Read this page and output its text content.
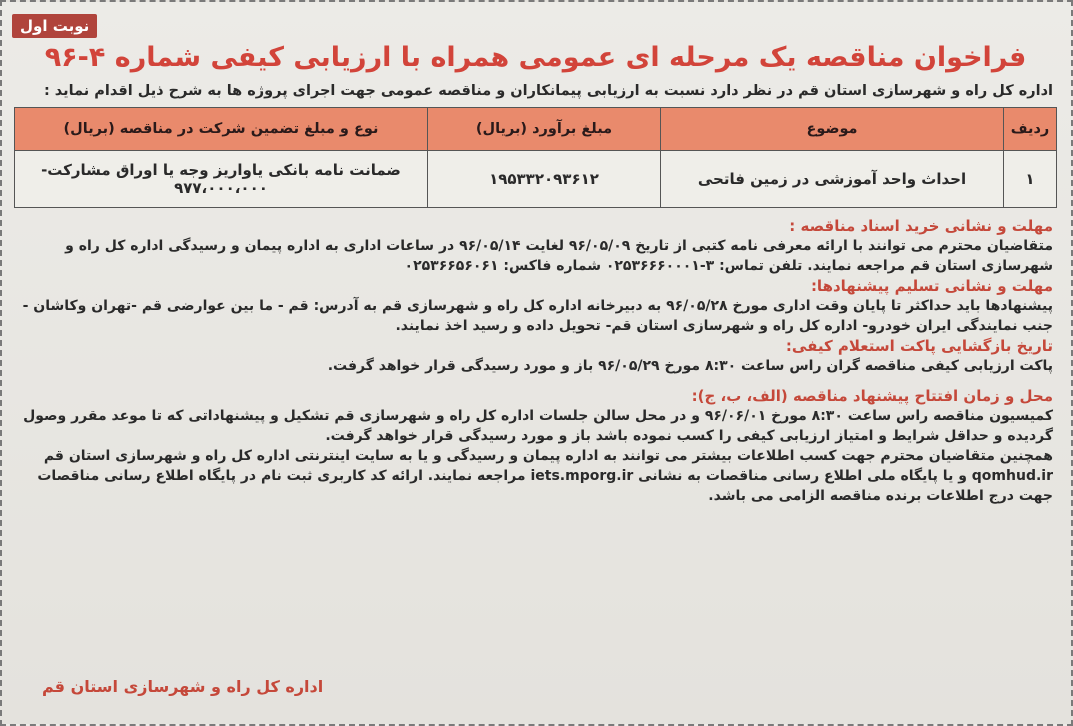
نوبت اول
فراخوان مناقصه یک مرحله ای عمومی همراه با ارزیابی کیفی شماره ۴-۹۶
اداره کل راه و شهرسازی استان قم در نظر دارد نسبت به ارزیابی پیمانکاران و مناقصه عمومی جهت اجرای پروژه ها به شرح ذیل اقدام نماید :
ردیف	موضوع	مبلغ برآورد (بریال)	نوع و مبلغ تضمین شرکت در مناقصه (بریال)
۱	احداث واحد آموزشی در زمین فاتحی	۱۹۵۳۳۲۰۹۳۶۱۲	ضمانت نامه بانکی یاواریز وجه یا اوراق مشارکت- ۹۷۷،۰۰۰،۰۰۰
مهلت و نشانی خرید اسناد مناقصه :
متقاضیان محترم می توانند با ارائه معرفی نامه کتبی از تاریخ ۹۶/۰۵/۰۹ لغایت ۹۶/۰۵/۱۴ در ساعات اداری به اداره پیمان و رسیدگی اداره کل راه و شهرسازی استان قم مراجعه نمایند. تلفن تماس: ۳-۰۲۵۳۶۶۶۰۰۰۱ شماره فاکس: ۰۲۵۳۶۶۵۶۰۶۱
مهلت و نشانی تسلیم پیشنهادها:
پیشنهادها باید حداکثر تا پایان وقت اداری مورخ ۹۶/۰۵/۲۸ به دبیرخانه اداره کل راه و شهرسازی قم به آدرس: قم - ما بین عوارضی قم -تهران وکاشان - جنب نمایندگی ایران خودرو- اداره کل راه و شهرسازی استان قم- تحویل داده و رسید اخذ نمایند.
تاریخ بازگشایی پاکت استعلام کیفی:
پاکت ارزیابی کیفی مناقصه گران راس ساعت ۸:۳۰ مورخ ۹۶/۰۵/۲۹ باز و مورد رسیدگی قرار خواهد گرفت.
محل و زمان افتتاح پیشنهاد مناقصه (الف، ب، ج):
کمیسیون مناقصه راس ساعت ۸:۳۰ مورخ ۹۶/۰۶/۰۱ و در محل سالن جلسات اداره کل راه و شهرسازی قم تشکیل و پیشنهاداتی که تا موعد مقرر وصول گردیده و حداقل شرایط و امتیاز ارزیابی کیفی را کسب نموده باشد باز و مورد رسیدگی قرار خواهد گرفت.
همچنین متقاضیان محترم جهت کسب اطلاعات بیشتر می توانند به اداره پیمان و رسیدگی و یا به سایت اینترنتی اداره کل راه و شهرسازی استان قم qomhud.ir و یا پایگاه ملی اطلاع رسانی مناقصات به نشانی iets.mporg.ir مراجعه نمایند. ارائه کد کاربری ثبت نام در پایگاه اطلاع رسانی مناقصات جهت درج اطلاعات برنده مناقصه الزامی می باشد.
اداره کل راه و شهرسازی استان قم
